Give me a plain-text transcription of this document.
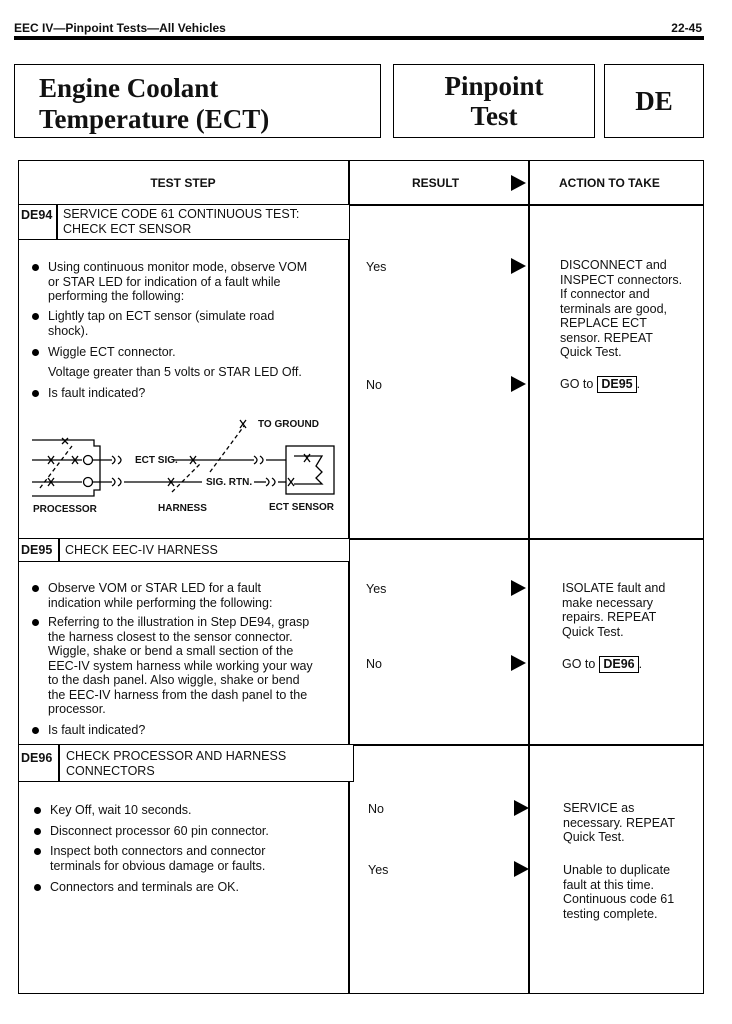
EEC IV—Pinpoint Tests—All Vehicles	22-45
Engine Coolant
Temperature (ECT)
Pinpoint
Test	DE
TEST STEP	RESULT	ACTION TO TAKE
DE94 SERVICE CODE 61 CONTINUOUS TEST:
CHECK ECT SENSOR
Using continuous monitor mode, observe VOM
or STAR LED for indication of a fault while
performing the following:
Lightly tap on ECT sensor (simulate road
shock).
Wiggle ECT connector.
Voltage greater than 5 volts or STAR LED Off.
Is fault indicated?
TO GROUND
ECT SIG.
SIG. RTN.
PROCESSOR	HARNESS	ECT SENSOR
Yes	DISCONNECT and
INSPECT connectors.
If connector and
terminals are good,
REPLACE ECT
sensor. REPEAT
Quick Test.
No	GO to DE95 .
DE95 CHECK EEC-IV HARNESS
Observe VOM or STAR LED for a fault
indication while performing the following:
Referring to the illustration in Step DE94, grasp
the harness closest to the sensor connector.
Wiggle, shake or bend a small section of the
EEC-IV system harness while working your way
to the dash panel. Also wiggle, shake or bend
the EEC-IV harness from the dash panel to the
processor.
Is fault indicated?
Yes	ISOLATE fault and
make necessary
repairs. REPEAT
Quick Test.
No	GO to DE96 .
DE96 CHECK PROCESSOR AND HARNESS
CONNECTORS
Key Off, wait 10 seconds.
Disconnect processor 60 pin connector.
Inspect both connectors and connector
terminals for obvious damage or faults.
Connectors and terminals are OK.
No	SERVICE as
necessary. REPEAT
Quick Test.
Yes	Unable to duplicate
fault at this time.
Continuous code 61
testing complete.
